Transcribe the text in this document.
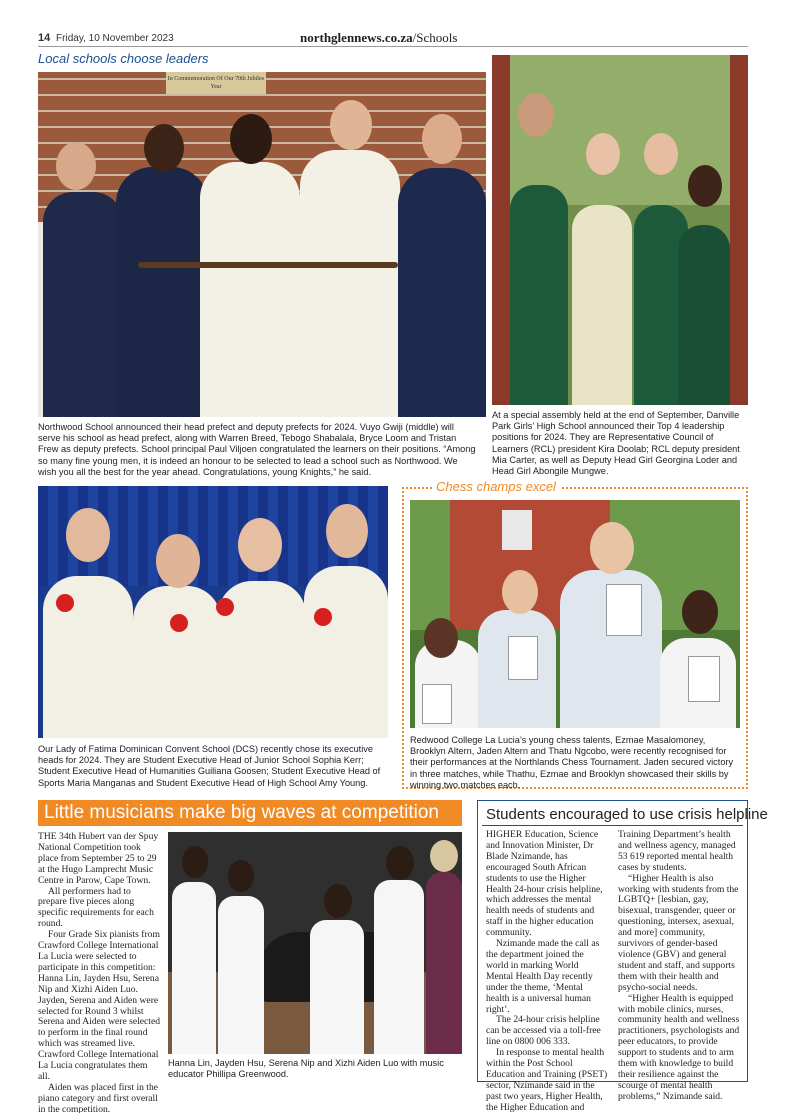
14 Friday, 10 November 2023	northglennews.co.za/Schools
Local schools choose leaders
In Commemoration Of Our 70th Jubilee Year
Northwood School announced their head prefect and deputy prefects for 2024. Vuyo Gwiji (middle) will serve his school as head prefect, along with Warren Breed, Tebogo Shabalala, Bryce Loom and Tristan Frew as deputy prefects. School principal Paul Viljoen congratulated the learners on their positions. “Among so many fine young men, it is indeed an honour to be selected to lead a school such as Northwood. We wish you all the best for the year ahead. Congratulations, young Knights,” he said.
At a special assembly held at the end of September, Danville Park Girls’ High School announced their Top 4 leadership positions for 2024. They are Representative Council of Learners (RCL) president Kira Doolab; RCL deputy president Mia Carter, as well as Deputy Head Girl Georgina Loder and Head Girl Abongile Mungwe.
Chess champs excel
Our Lady of Fatima Dominican Convent School (DCS) recently chose its executive heads for 2024. They are Student Executive Head of Junior School Sophia Kerr; Student Executive Head of Humanities Guiliana Goosen; Student Executive Head of Sports Maria Manganas and Student Executive Head of High School Amy Young.
Redwood College La Lucia’s young chess talents, Ezmae Masalomoney, Brooklyn Altern, Jaden Altern and Thatu Ngcobo, were recently recognised for their performances at the Northlands Chess Tournament. Jaden secured victory in three matches, while Thathu, Ezmae and Brooklyn showcased their skills by winning two matches each.
Little musicians make big waves at competition

THE 34th Hubert van der Spuy National Competition took place from September 25 to 29 at the Hugo Lamprecht Music Centre in Parow, Cape Town.

All performers had to prepare five pieces along specific requirements for each round.

Four Grade Six pianists from Crawford College International La Lucia were selected to participate in this competition: Hanna Lin, Jayden Hsu, Serena Nip and Xizhi Aiden Luo. Jayden, Serena and Aiden were selected for Round 3 whilst Serena and Aiden were selected to perform in the final round which was streamed live. Crawford College International La Lucia congratulates them all.

Aiden was placed first in the piano category and first overall in the competition.

Hanna Lin, Jayden Hsu, Serena Nip and Xizhi Aiden Luo with music educator Phillipa Greenwood.
Students encouraged to use crisis helpline

HIGHER Education, Science and Innovation Minister, Dr Blade Nzimande, has encouraged South African students to use the Higher Health 24-hour crisis helpline, which addresses the mental health needs of students and staff in the higher education community.

Nzimande made the call as the department joined the world in marking World Mental Health Day recently under the theme, ‘Mental health is a universal human right’.

The 24-hour crisis helpline can be accessed via a toll-free line on 0800 006 333.

In response to mental health within the Post School Education and Training (PSET) sector, Nzimande said in the past two years, Higher Health, the Higher Education and

Training Department’s health and wellness agency, managed 53 619 reported mental health cases by students.

“Higher Health is also working with students from the LGBTQ+ [lesbian, gay, bisexual, transgender, queer or questioning, intersex, asexual, and more] community, survivors of gender-based violence (GBV) and general student and staff, and supports them with their health and psycho-social needs.

“Higher Health is equipped with mobile clinics, nurses, community health and wellness practitioners, psychologists and peer educators, to provide support to students and to arm them with knowledge to build their resilience against the scourge of mental health problems,” Nzimande said.
